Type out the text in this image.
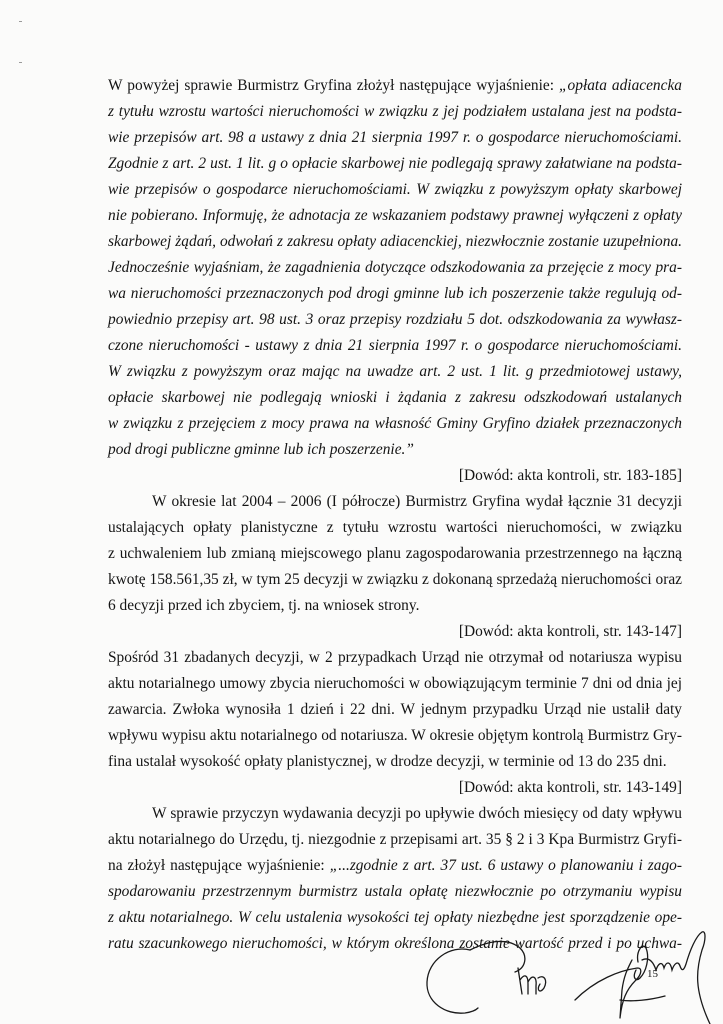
W powyżej sprawie Burmistrz Gryfina złożył następujące wyjaśnienie: „opłata adiacencka
z tytułu wzrostu wartości nieruchomości w związku z jej podziałem ustalana jest na podsta-
wie przepisów art. 98 a ustawy z dnia 21 sierpnia 1997 r. o gospodarce nieruchomościami.
Zgodnie z art. 2 ust. 1 lit. g o opłacie skarbowej nie podlegają sprawy załatwiane na podsta-
wie przepisów o gospodarce nieruchomościami. W związku z powyższym opłaty skarbowej
nie pobierano. Informuję, że adnotacja ze wskazaniem podstawy prawnej wyłączeni z opłaty
skarbowej żądań, odwołań z zakresu opłaty adiacenckiej, niezwłocznie zostanie uzupełniona.
Jednocześnie wyjaśniam, że zagadnienia dotyczące odszkodowania za przejęcie z mocy pra-
wa nieruchomości przeznaczonych pod drogi gminne lub ich poszerzenie także regulują od-
powiednio przepisy art. 98 ust. 3 oraz przepisy rozdziału 5 dot. odszkodowania za wywłasz-
czone nieruchomości - ustawy z dnia 21 sierpnia 1997 r. o gospodarce nieruchomościami.
W związku z powyższym oraz mając na uwadze art. 2 ust. 1 lit. g przedmiotowej ustawy,
opłacie skarbowej nie podlegają wnioski i żądania z zakresu odszkodowań ustalanych
w związku z przejęciem z mocy prawa na własność Gminy Gryfino działek przeznaczonych
pod drogi publiczne gminne lub ich poszerzenie.”
[Dowód: akta kontroli, str. 183-185]
W okresie lat 2004 – 2006 (I półrocze) Burmistrz Gryfina wydał łącznie 31 decyzji
ustalających opłaty planistyczne z tytułu wzrostu wartości nieruchomości, w związku
z uchwaleniem lub zmianą miejscowego planu zagospodarowania przestrzennego na łączną
kwotę 158.561,35 zł, w tym 25 decyzji w związku z dokonaną sprzedażą nieruchomości oraz
6 decyzji przed ich zbyciem, tj. na wniosek strony.
[Dowód: akta kontroli, str. 143-147]
Spośród 31 zbadanych decyzji, w 2 przypadkach Urząd nie otrzymał od notariusza wypisu
aktu notarialnego umowy zbycia nieruchomości w obowiązującym terminie 7 dni od dnia jej
zawarcia. Zwłoka wynosiła 1 dzień i 22 dni. W jednym przypadku Urząd nie ustalił daty
wpływu wypisu aktu notarialnego od notariusza. W okresie objętym kontrolą Burmistrz Gry-
fina ustalał wysokość opłaty planistycznej, w drodze decyzji, w terminie od 13 do 235 dni.
[Dowód: akta kontroli, str. 143-149]
W sprawie przyczyn wydawania decyzji po upływie dwóch miesięcy od daty wpływu
aktu notarialnego do Urzędu, tj. niezgodnie z przepisami art. 35 § 2 i 3 Kpa Burmistrz Gryfi-
na złożył następujące wyjaśnienie: „...zgodnie z art. 37 ust. 6 ustawy o planowaniu i zago-
spodarowaniu przestrzennym burmistrz ustala opłatę niezwłocznie po otrzymaniu wypisu
z aktu notarialnego. W celu ustalenia wysokości tej opłaty niezbędne jest sporządzenie ope-
ratu szacunkowego nieruchomości, w którym określona zostanie wartość przed i po uchwa-
15
